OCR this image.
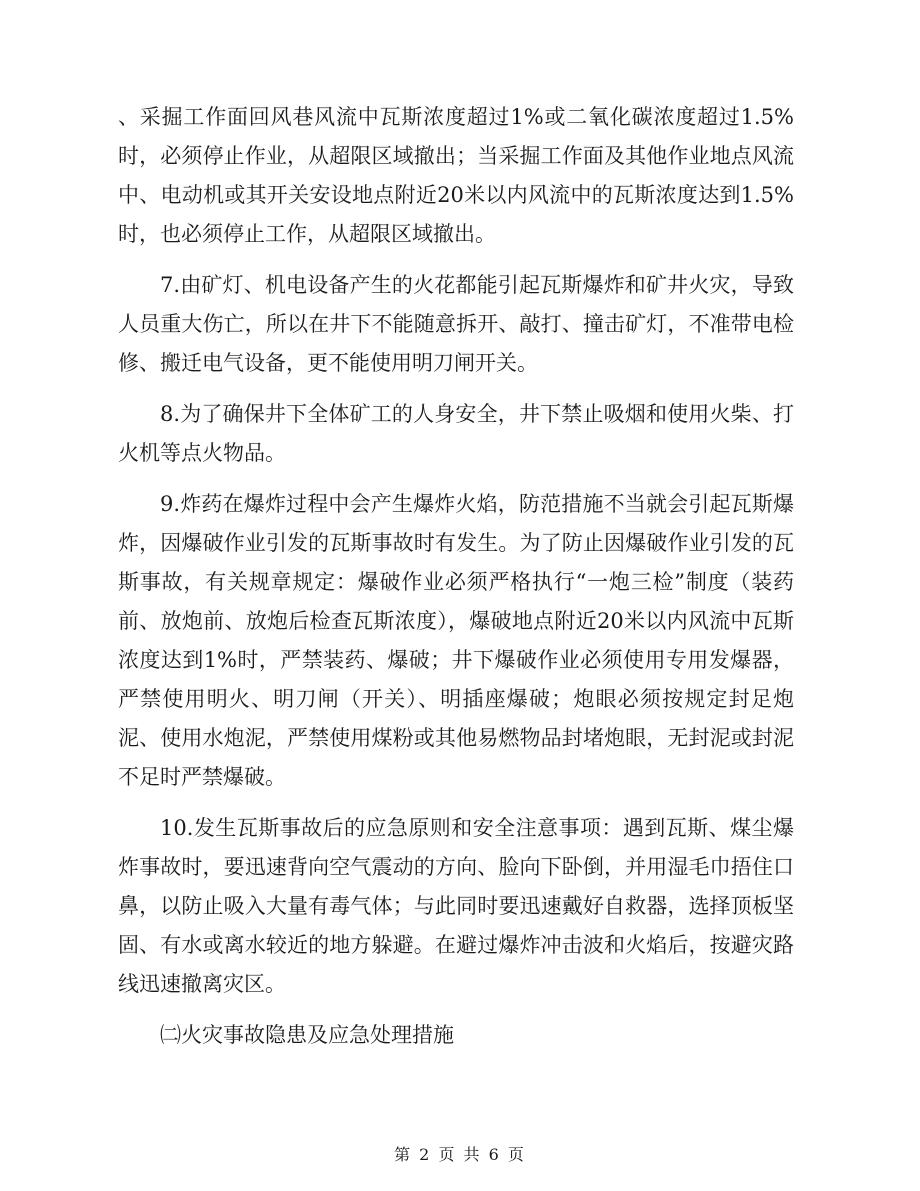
、采掘工作面回风巷风流中瓦斯浓度超过1%或二氧化碳浓度超过1.5%时，必须停止作业，从超限区域撤出；当采掘工作面及其他作业地点风流中、电动机或其开关安设地点附近20米以内风流中的瓦斯浓度达到1.5%时，也必须停止工作，从超限区域撤出。

7.由矿灯、机电设备产生的火花都能引起瓦斯爆炸和矿井火灾，导致人员重大伤亡，所以在井下不能随意拆开、敲打、撞击矿灯，不准带电检修、搬迁电气设备，更不能使用明刀闸开关。

8.为了确保井下全体矿工的人身安全，井下禁止吸烟和使用火柴、打火机等点火物品。

9.炸药在爆炸过程中会产生爆炸火焰，防范措施不当就会引起瓦斯爆炸，因爆破作业引发的瓦斯事故时有发生。为了防止因爆破作业引发的瓦斯事故，有关规章规定：爆破作业必须严格执行“一炮三检”制度（装药前、放炮前、放炮后检查瓦斯浓度），爆破地点附近20米以内风流中瓦斯浓度达到1%时，严禁装药、爆破；井下爆破作业必须使用专用发爆器，严禁使用明火、明刀闸（开关）、明插座爆破；炮眼必须按规定封足炮泥、使用水炮泥，严禁使用煤粉或其他易燃物品封堵炮眼，无封泥或封泥不足时严禁爆破。

10.发生瓦斯事故后的应急原则和安全注意事项：遇到瓦斯、煤尘爆炸事故时，要迅速背向空气震动的方向、脸向下卧倒，并用湿毛巾捂住口鼻，以防止吸入大量有毒气体；与此同时要迅速戴好自救器，选择顶板坚固、有水或离水较近的地方躲避。在避过爆炸冲击波和火焰后，按避灾路线迅速撤离灾区。

㈡火灾事故隐患及应急处理措施

第 2 页 共 6 页
